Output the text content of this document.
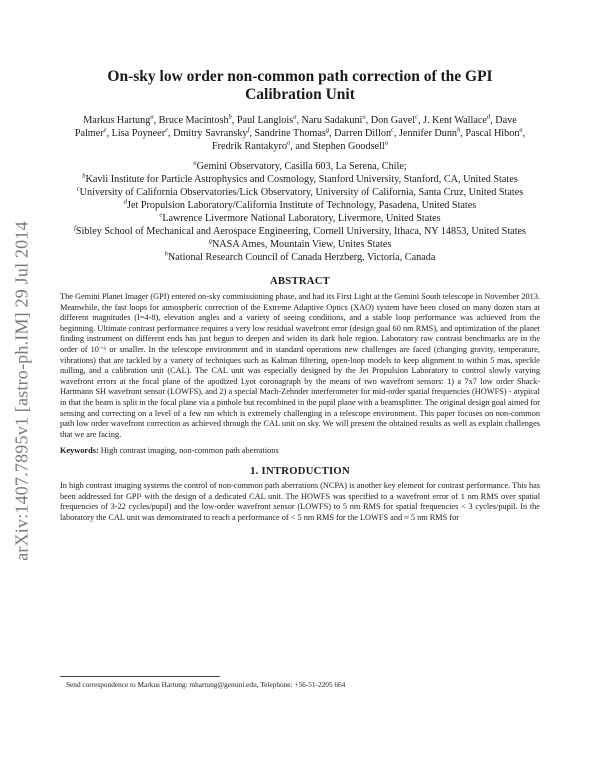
arXiv:1407.7895v1 [astro-ph.IM] 29 Jul 2014
On-sky low order non-common path correction of the GPI Calibration Unit
Markus Hartung$^a$, Bruce Macintosh$^b$, Paul Langlois$^a$, Naru Sadakuni$^a$, Don Gavel$^c$, J. Kent Wallace$^d$, Dave Palmer$^e$, Lisa Poyneer$^e$, Dmitry Savransky$^f$, Sandrine Thomas$^g$, Darren Dillon$^c$, Jennifer Dunn$^h$, Pascal Hibon$^a$, Fredrik Rantakyro$^a$, and Stephen Goodsell$^a$
$^a$Gemini Observatory, Casilla 603, La Serena, Chile;
$^b$Kavli Institute for Particle Astrophysics and Cosmology, Stanford University, Stanford, CA, United States
$^c$University of California Observatories/Lick Observatory, University of California, Santa Cruz, United States
$^d$Jet Propulsion Laboratory/California Institute of Technology, Pasadena, United States
$^e$Lawrence Livermore National Laboratory, Livermore, United States
$^f$Sibley School of Mechanical and Aerospace Engineering, Cornell University, Ithaca, NY 14853, United States
$^g$NASA Ames, Mountain View, Unites States
$^h$National Research Council of Canada Herzberg, Victoria, Canada
ABSTRACT

The Gemini Planet Imager (GPI) entered on-sky commissioning phase, and had its First Light at the Gemini South telescope in November 2013. Meanwhile, the fast loops for atmospheric correction of the Extreme Adaptive Optics (XAO) system have been closed on many dozen stars at different magnitudes (I=4-8), elevation angles and a variety of seeing conditions, and a stable loop performance was achieved from the beginning. Ultimate contrast performance requires a very low residual wavefront error (design goal 60 nm RMS), and optimization of the planet finding instrument on different ends has just begun to deepen and widen its dark hole region. Laboratory raw contrast benchmarks are in the order of 10⁻⁶ or smaller. In the telescope environment and in standard operations new challenges are faced (changing gravity, temperature, vibrations) that are tackled by a variety of techniques such as Kalman filtering, open-loop models to keep alignment to within 5 mas, speckle nulling, and a calibration unit (CAL). The CAL unit was especially designed by the Jet Propulsion Laboratory to control slowly varying wavefront errors at the focal plane of the apodized Lyot coronagraph by the means of two wavefront sensors: 1) a 7x7 low order Shack-Hartmann SH wavefront sensor (LOWFS), and 2) a special Mach-Zehnder interferometer for mid-order spatial frequencies (HOWFS) - atypical in that the beam is split in the focal plane via a pinhole but recombined in the pupil plane with a beamsplitter. The original design goal aimed for sensing and correcting on a level of a few nm which is extremely challenging in a telescope environment. This paper focuses on non-common path low order wavefront correction as achieved through the CAL unit on sky. We will present the obtained results as well as explain challenges that we are facing.

Keywords: High contrast imaging, non-common path aberrations

1. INTRODUCTION

In high contrast imaging systems the control of non-common path aberrations (NCPA) is another key element for contrast performance. This has been addressed for GPI¹ with the design of a dedicated CAL unit. The HOWFS was specified to a wavefront error of 1 nm RMS over spatial frequencies of 3-22 cycles/pupil) and the low-order wavefront sensor (LOWFS) to 5 nm RMS for spatial frequencies < 3 cycles/pupil. In the laboratory the CAL unit was demonstrated to reach a performance of < 5 nm RMS for the LOWFS and ≈ 5 nm RMS for

Send correspondence to Markus Hartung: mhartung@gemini.edu, Telephone: +56-51-2205 664
